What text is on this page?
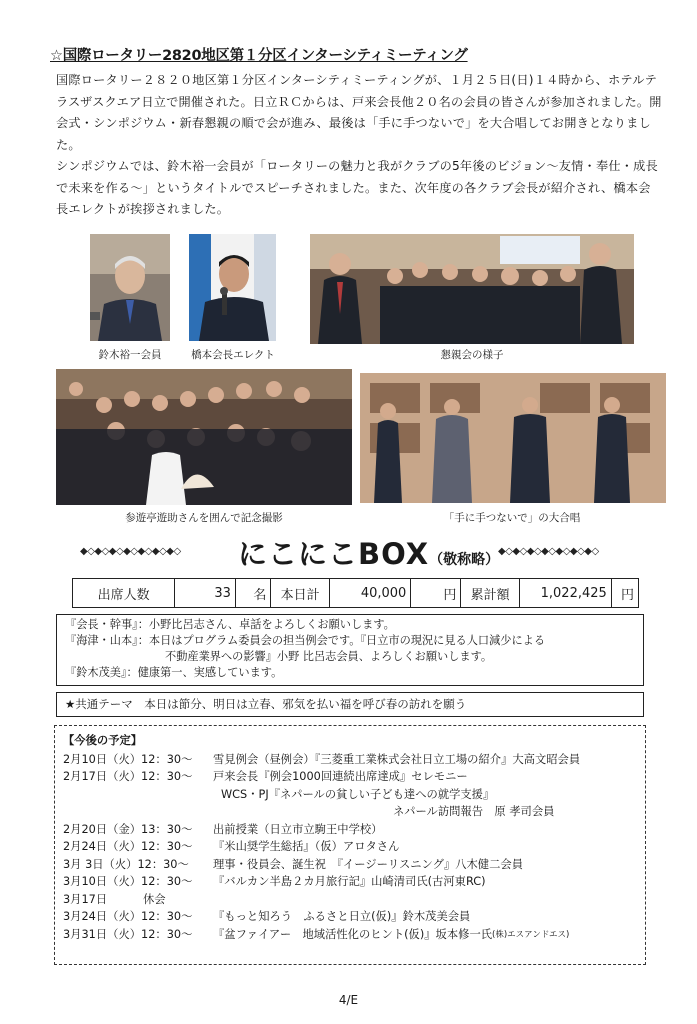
☆国際ロータリー2820地区第１分区インターシティミーティング

国際ロータリー２８２０地区第１分区インターシティミーティングが、１月２５日(日)１４時から、ホテルテラスザスクエア日立で開催された。日立ＲＣからは、戸来会長他２０名の会員の皆さんが参加されました。開会式・シンポジウム・新春懇親の順で会が進み、最後は「手に手つないで」を大合唱してお開きとなりました。

シンポジウムでは、鈴木裕一会員が「ロータリーの魅力と我がクラブの5年後のビジョン～友情・奉仕・成長で未来を作る～」というタイトルでスピーチされました。また、次年度の各クラブ会長が紹介され、橋本会長エレクトが挨拶されました。

鈴木裕一会員	橋本会長エレクト	懇親会の様子
参遊亭遊助さんを囲んで記念撮影	「手に手つないで」の大合唱
◆◇◆◇◆◇◆◇◆◇◆◇◆◇ にこにこBOX（敬称略）
◆◇◆◇◆◇◆◇◆◇◆◇◆◇
出席人数	33	名	本日計	40,000	円	累計額	1,022,425	円
『会長・幹事』：小野比呂志さん、卓話をよろしくお願いします。
『海津・山本』：本日はプログラム委員会の担当例会です。『日立市の現況に見る人口減少による
不動産業界への影響』小野 比呂志会員、よろしくお願いします。
『鈴木茂美』：健康第一、実感しています。
★共通テーマ　本日は節分、明日は立春、邪気を払い福を呼び春の訪れを願う
【今後の予定】
2月10日（火）12：30～	雪見例会（昼例会）『三菱重工業株式会社日立工場の紹介』大高文昭会員
2月17日（火）12：30～	戸来会長『例会1000回連続出席達成』セレモニー
WCS・PJ『ネパールの貧しい子ども達への就学支援』
ネパール訪問報告　原 孝司会員
2月20日（金）13：30～	出前授業（日立市立駒王中学校）
2月24日（火）12：30～	『米山奨学生総括』（仮）アロタさん
3月 3日（火）12：30～	理事・役員会、誕生祝　『イージーリスニング』八木健二会員
3月10日（火）12：30～	『バルカン半島２カ月旅行記』山崎清司氏(古河東RC)
3月17日	休会
3月24日（火）12：30～	『もっと知ろう　ふるさと日立(仮)』鈴木茂美会員
3月31日（火）12：30～	『盆ファイアー　地域活性化のヒント(仮)』坂本修一氏 (株)エスアンドエス)
4/E
